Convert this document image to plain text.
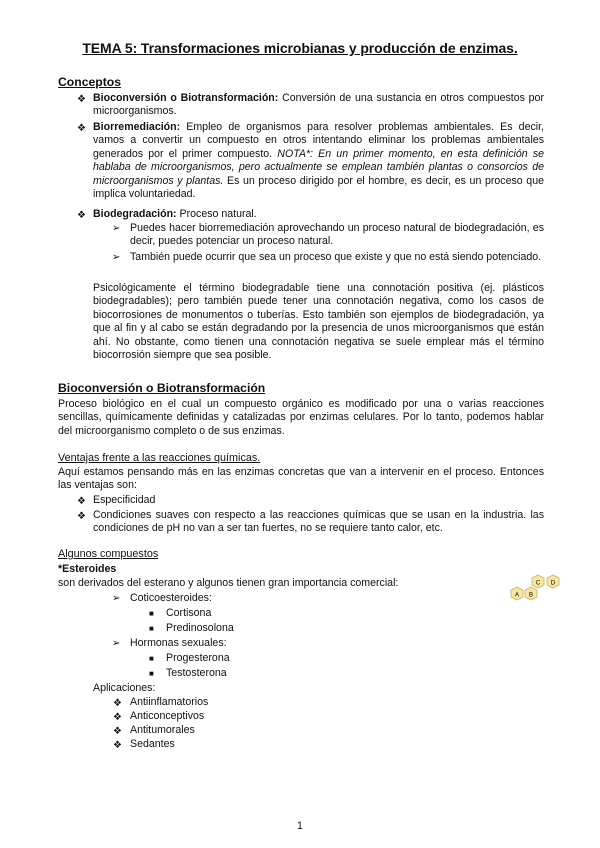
TEMA 5: Transformaciones microbianas y producción de enzimas.
Conceptos
❖ Bioconversión o Biotransformación: Conversión de una sustancia en otros compuestos por microorganismos.
❖ Biorremediación: Empleo de organismos para resolver problemas ambientales. Es decir, vamos a convertir un compuesto en otros intentando eliminar los problemas ambientales generados por el primer compuesto. NOTA*: En un primer momento, en esta definición se hablaba de microorganismos, pero actualmente se emplean también plantas o consorcios de microorganismos y plantas. Es un proceso dirigido por el hombre, es decir, es un proceso que implica voluntariedad.
❖ Biodegradación: Proceso natural.
➢ Puedes hacer biorremediación aprovechando un proceso natural de biodegradación, es decir, puedes potenciar un proceso natural.
➢ También puede ocurrir que sea un proceso que existe y que no está siendo potenciado.
Psicológicamente el término biodegradable tiene una connotación positiva (ej. plásticos biodegradables); pero también puede tener una connotación negativa, como los casos de biocorrosiones de monumentos o tuberías. Esto también son ejemplos de biodegradación, ya que al fin y al cabo se están degradando por la presencia de unos microorganismos que están ahí. No obstante, como tienen una connotación negativa se suele emplear más el término biocorrosión siempre que sea posible.
Bioconversión o Biotransformación
Proceso biológico en el cual un compuesto orgánico es modificado por una o varias reacciones sencillas, químicamente definidas y catalizadas por enzimas celulares. Por lo tanto, podemos hablar del microorganismo completo o de sus enzimas.
Ventajas frente a las reacciones químicas.
Aquí estamos pensando más en las enzimas concretas que van a intervenir en el proceso. Entonces las ventajas son:
❖ Especificidad
❖ Condiciones suaves con respecto a las reacciones químicas que se usan en la industria. las condiciones de pH no van a ser tan fuertes, no se requiere tanto calor, etc.
Algunos compuestos
*Esteroides
son derivados del esterano y algunos tienen gran importancia comercial:
➢ Coticoesteroides:
■ Cortisona
■ Predinosolona
➢ Hormonas sexuales:
■ Progesterona
■ Testosterona
Aplicaciones:
❖ Antiinflamatorios
❖ Anticonceptivos
❖ Antitumorales
❖ Sedantes
A B
C D
1
